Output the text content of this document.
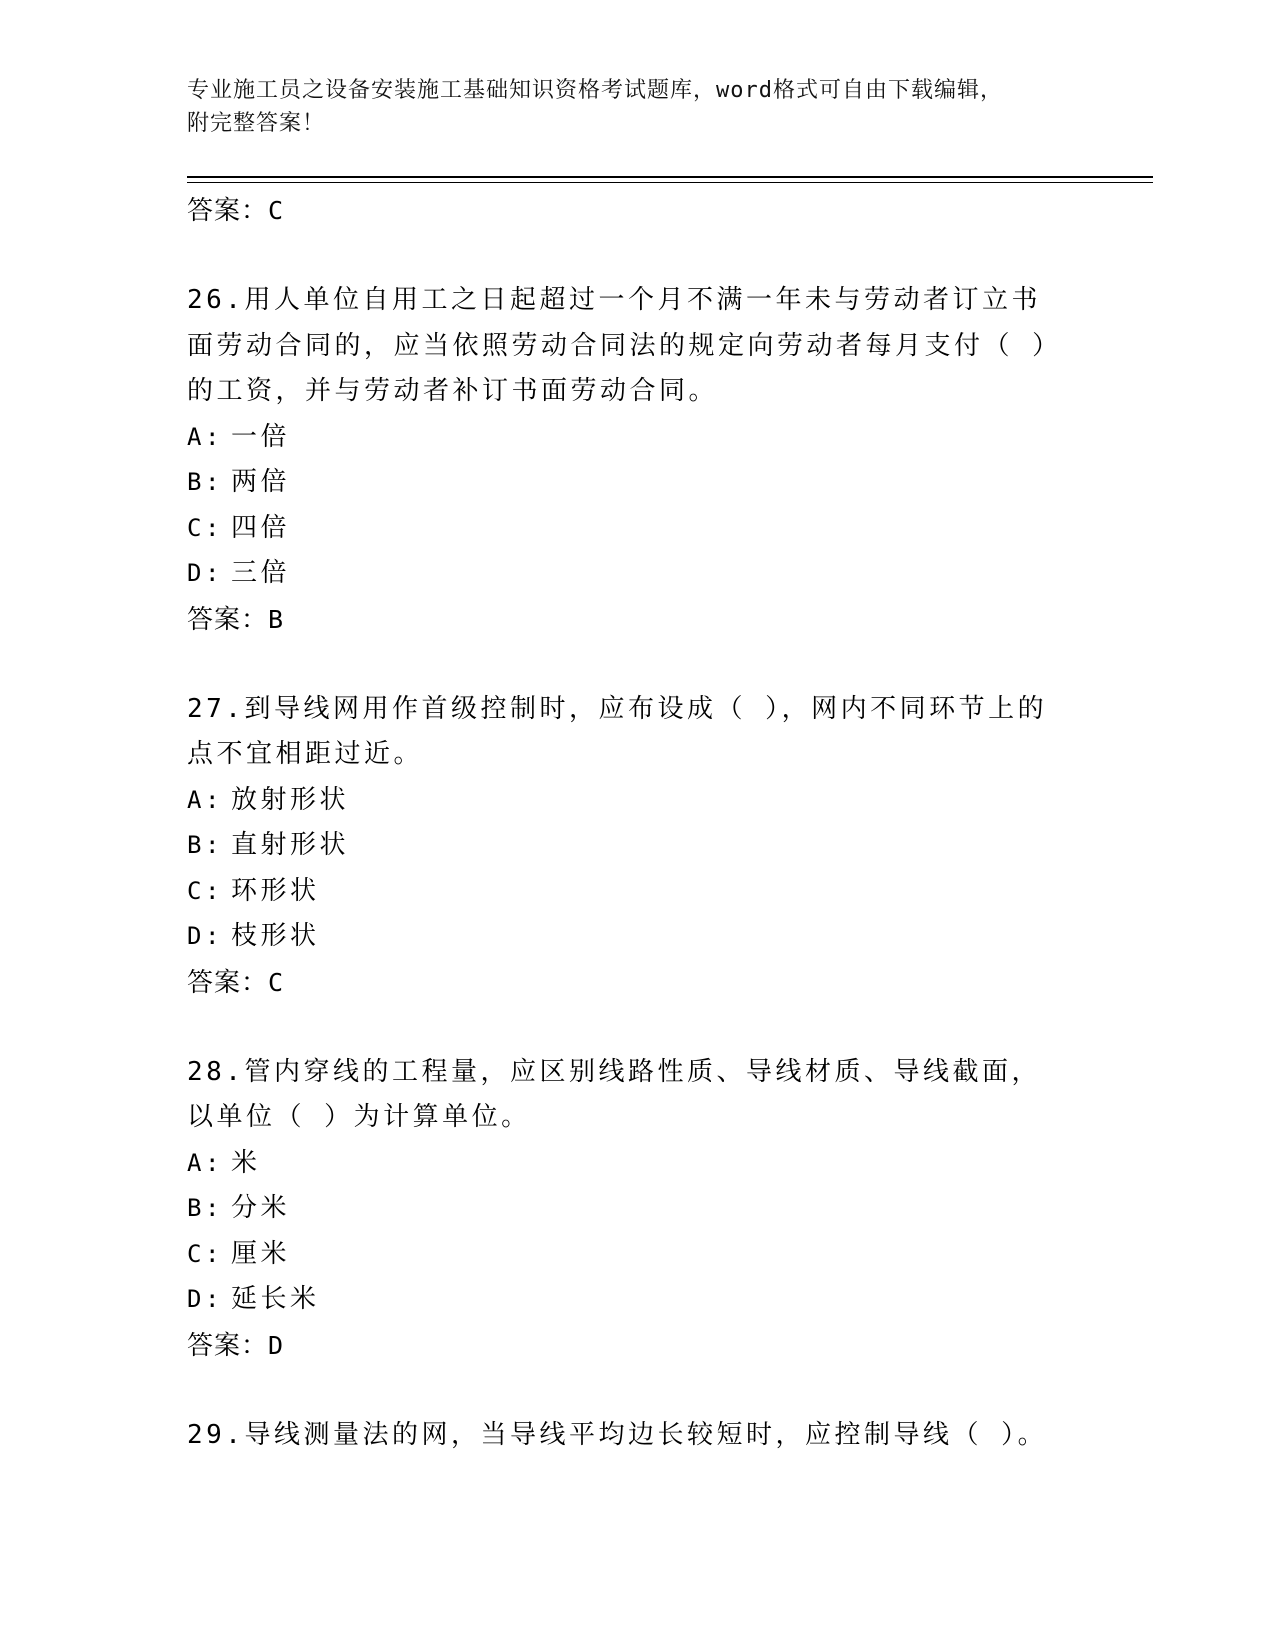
专业施工员之设备安装施工基础知识资格考试题库，word格式可自由下载编辑，
附完整答案！
答案：C
26.用人单位自用工之日起超过一个月不满一年未与劳动者订立书面劳动合同的，应当依照劳动合同法的规定向劳动者每月支付（ ）的工资，并与劳动者补订书面劳动合同。
A: 一倍
B: 两倍
C: 四倍
D: 三倍
答案：B
27.到导线网用作首级控制时，应布设成（ ），网内不同环节上的点不宜相距过近。
A: 放射形状
B: 直射形状
C: 环形状
D: 枝形状
答案：C
28.管内穿线的工程量，应区别线路性质、导线材质、导线截面，以单位（ ）为计算单位。
A: 米
B: 分米
C: 厘米
D: 延长米
答案：D
29.导线测量法的网，当导线平均边长较短时，应控制导线（ ）。
